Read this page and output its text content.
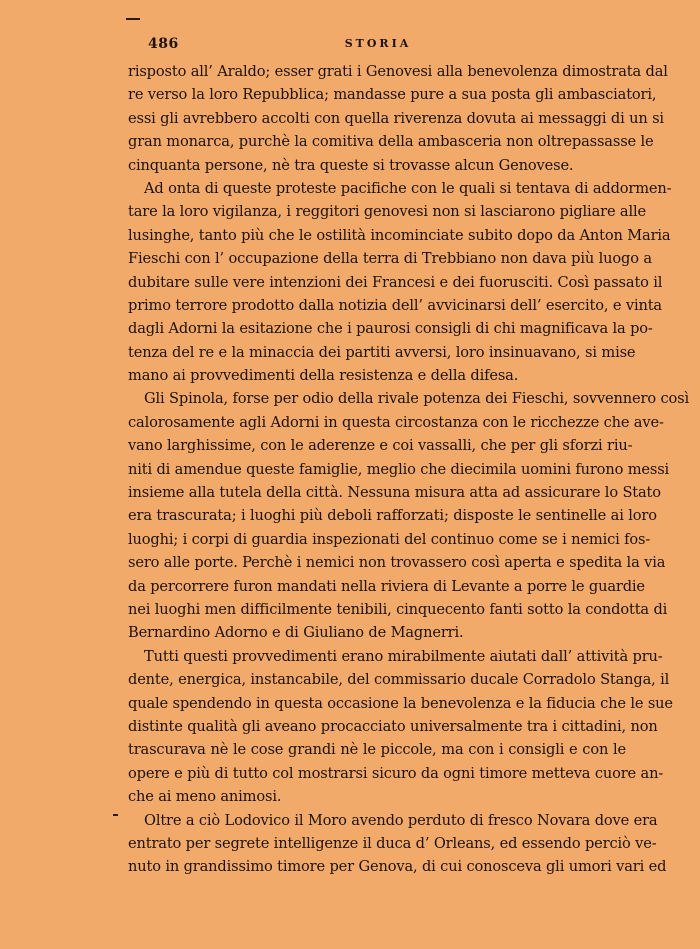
486	STORIA
risposto all’ Araldo; esser grati i Genovesi alla benevolenza dimostrata dal
re verso la loro Repubblica; mandasse pure a sua posta gli ambasciatori,
essi gli avrebbero accolti con quella riverenza dovuta ai messaggi di un si
gran monarca, purchè la comitiva della ambasceria non oltrepassasse le
cinquanta persone, nè tra queste si trovasse alcun Genovese.
Ad onta di queste proteste pacifiche con le quali si tentava di addormen-
tare la loro vigilanza, i reggitori genovesi non si lasciarono pigliare alle
lusinghe, tanto più che le ostilità incominciate subito dopo da Anton Maria
Fieschi con l’ occupazione della terra di Trebbiano non dava più luogo a
dubitare sulle vere intenzioni dei Francesi e dei fuorusciti. Così passato il
primo terrore prodotto dalla notizia dell’ avvicinarsi dell’ esercito, e vinta
dagli Adorni la esitazione che i paurosi consigli di chi magnificava la po-
tenza del re e la minaccia dei partiti avversi, loro insinuavano, si mise
mano ai provvedimenti della resistenza e della difesa.
Gli Spinola, forse per odio della rivale potenza dei Fieschi, sovvennero così
calorosamente agli Adorni in questa circostanza con le ricchezze che ave-
vano larghissime, con le aderenze e coi vassalli, che per gli sforzi riu-
niti di amendue queste famiglie, meglio che diecimila uomini furono messi
insieme alla tutela della città. Nessuna misura atta ad assicurare lo Stato
era trascurata; i luoghi più deboli rafforzati; disposte le sentinelle ai loro
luoghi; i corpi di guardia inspezionati del continuo come se i nemici fos-
sero alle porte. Perchè i nemici non trovassero così aperta e spedita la via
da percorrere furon mandati nella riviera di Levante a porre le guardie
nei luoghi men difficilmente tenibili, cinquecento fanti sotto la condotta di
Bernardino Adorno e di Giuliano de Magnerri.
Tutti questi provvedimenti erano mirabilmente aiutati dall’ attività pru-
dente, energica, instancabile, del commissario ducale Corradolo Stanga, il
quale spendendo in questa occasione la benevolenza e la fiducia che le sue
distinte qualità gli aveano procacciato universalmente tra i cittadini, non
trascurava nè le cose grandi nè le piccole, ma con i consigli e con le
opere e più di tutto col mostrarsi sicuro da ogni timore metteva cuore an-
che ai meno animosi.
Oltre a ciò Lodovico il Moro avendo perduto di fresco Novara dove era
entrato per segrete intelligenze il duca d’ Orleans, ed essendo perciò ve-
nuto in grandissimo timore per Genova, di cui conosceva gli umori vari ed
